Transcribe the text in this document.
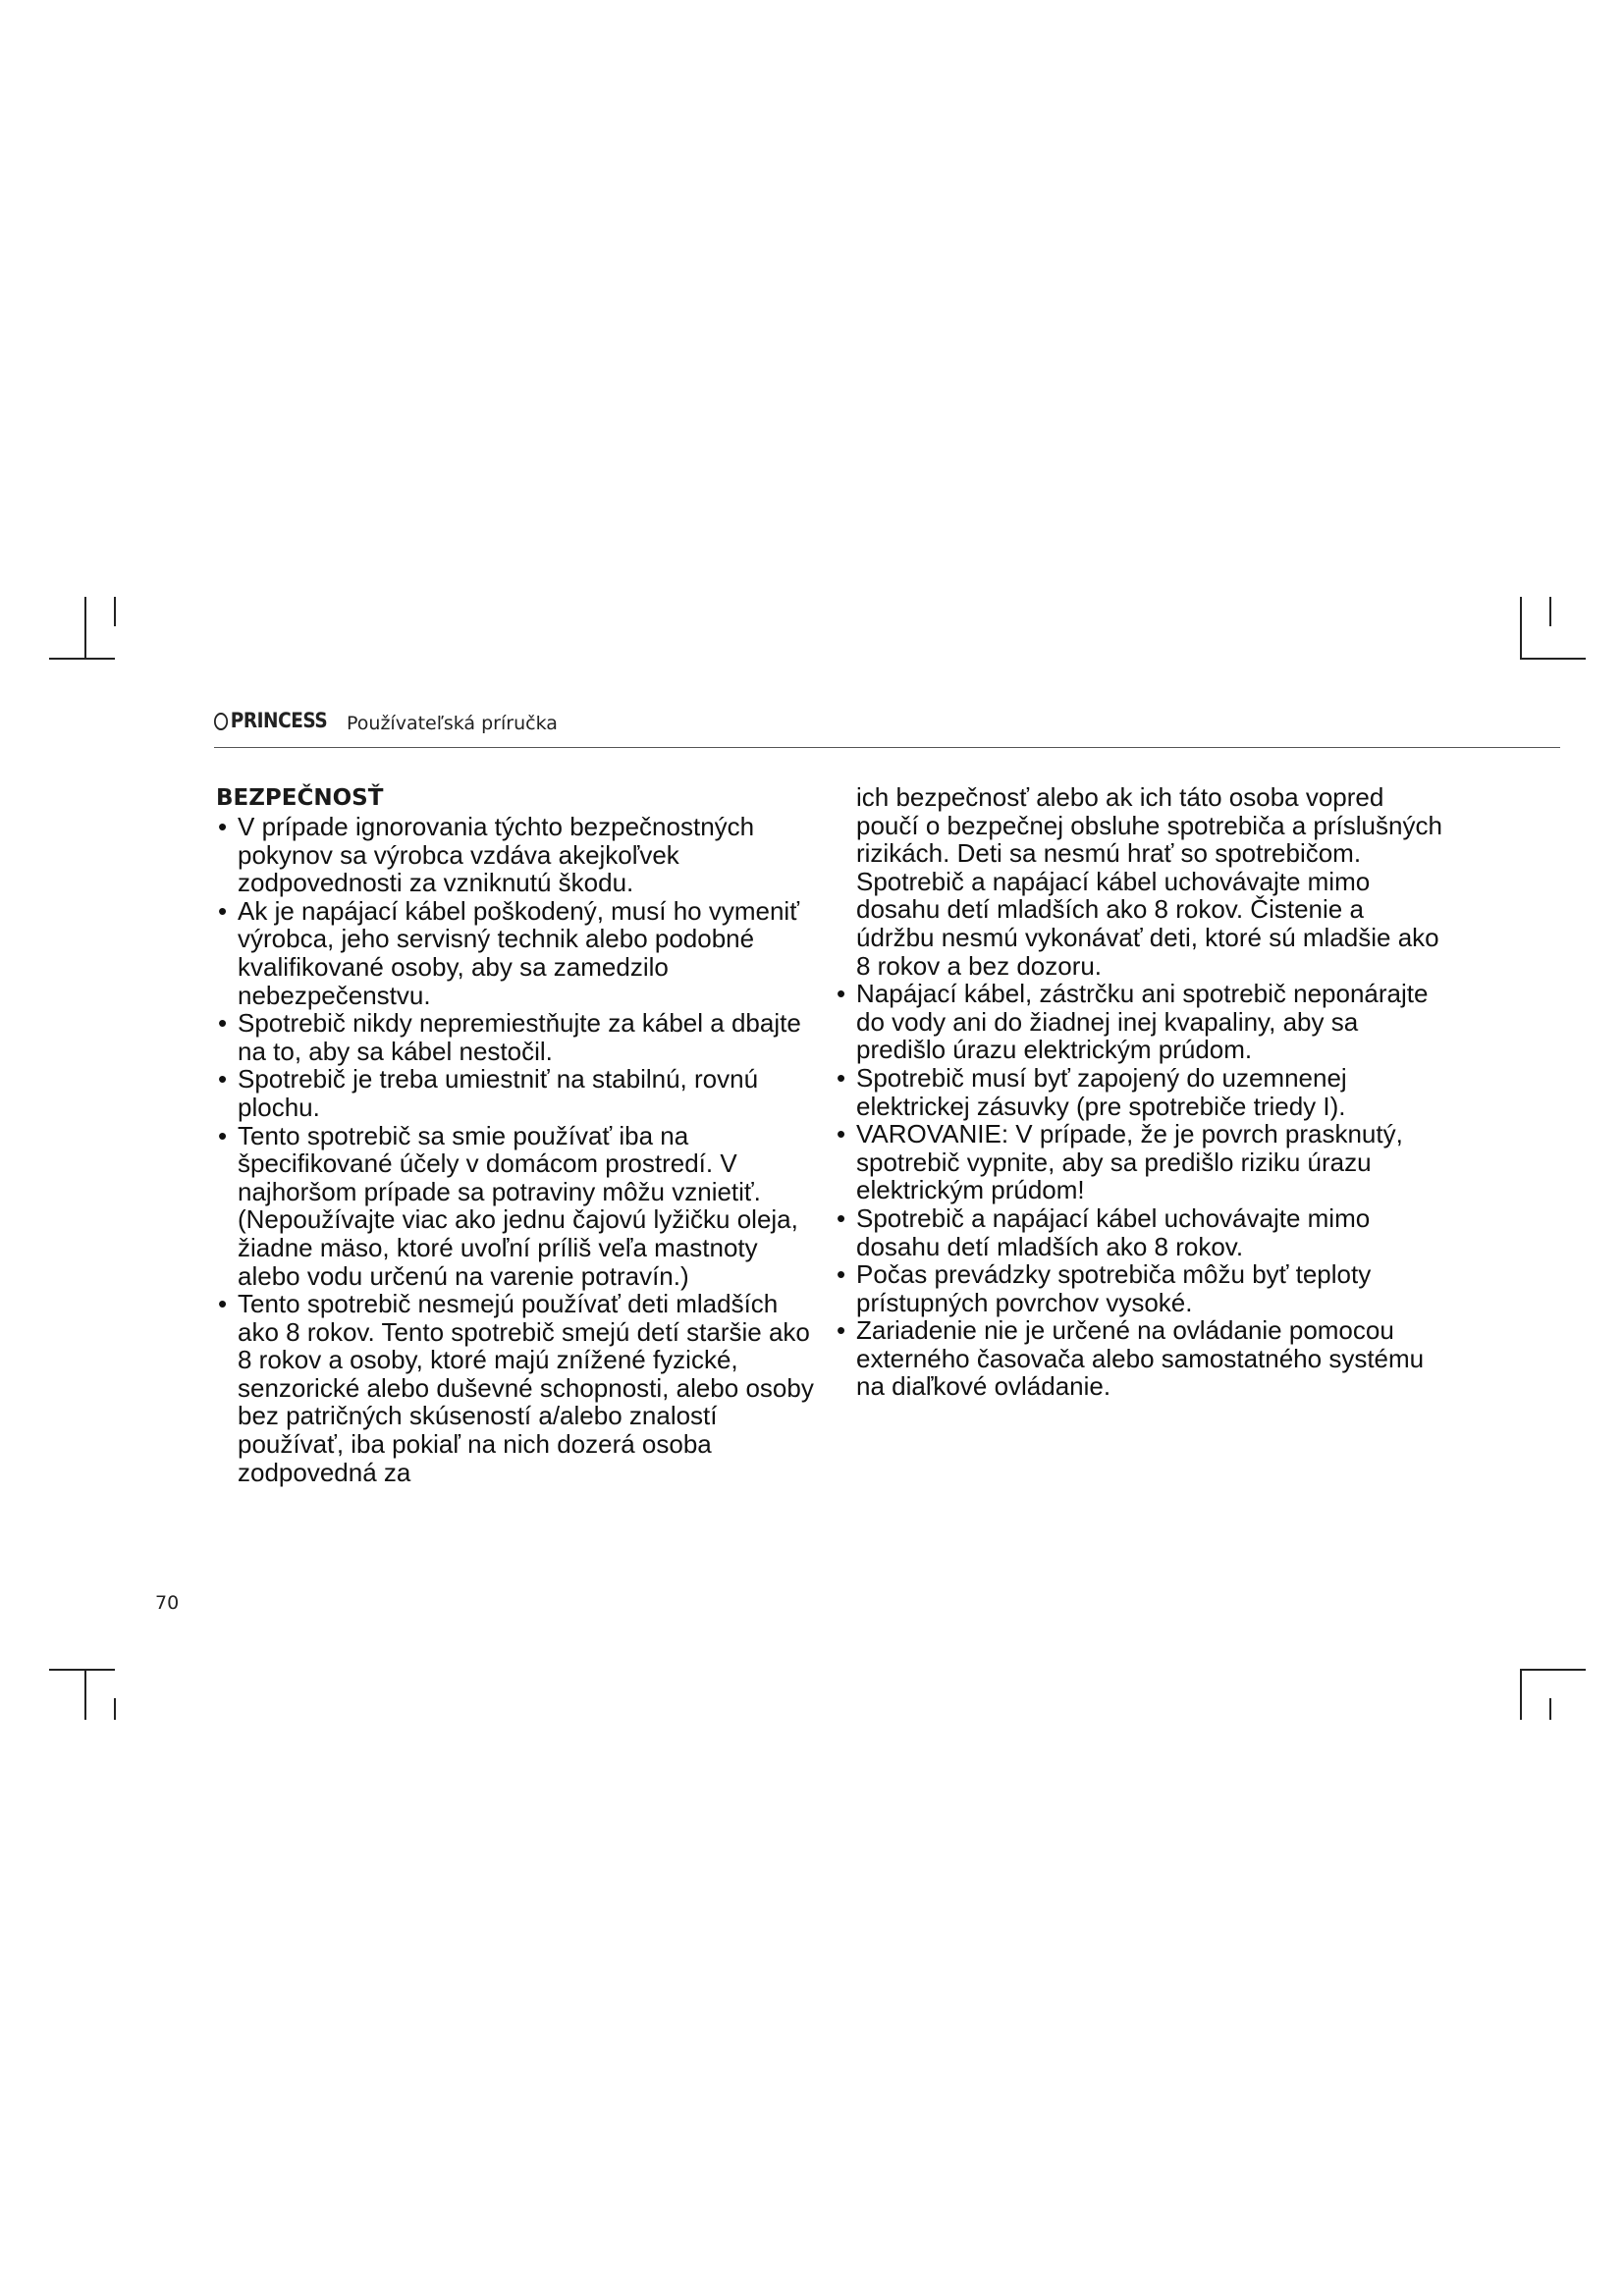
PRINCESS Používateľská príručka
BEZPEČNOSŤ
• V prípade ignorovania týchto bezpečnostných pokynov sa výrobca vzdáva akejkoľvek zodpovednosti za vzniknutú škodu.
• Ak je napájací kábel poškodený, musí ho vymeniť výrobca, jeho servisný technik alebo podobné kvalifikované osoby, aby sa zamedzilo nebezpečenstvu.
• Spotrebič nikdy nepremiestňujte za kábel a dbajte na to, aby sa kábel nestočil.
• Spotrebič je treba umiestniť na stabilnú, rovnú plochu.
• Tento spotrebič sa smie používať iba na špecifikované účely v domácom prostredí. V najhoršom prípade sa potraviny môžu vznietiť. (Nepoužívajte viac ako jednu čajovú lyžičku oleja, žiadne mäso, ktoré uvoľní príliš veľa mastnoty alebo vodu určenú na varenie potravín.)
• Tento spotrebič nesmejú používať deti mladších ako 8 rokov. Tento spotrebič smejú detí staršie ako 8 rokov a osoby, ktoré majú znížené fyzické, senzorické alebo duševné schopnosti, alebo osoby bez patričných skúseností a/alebo znalostí používať, iba pokiaľ na nich dozerá osoba zodpovedná za
ich bezpečnosť alebo ak ich táto osoba vopred poučí o bezpečnej obsluhe spotrebiča a príslušných rizikách. Deti sa nesmú hrať so spotrebičom. Spotrebič a napájací kábel uchovávajte mimo dosahu detí mladších ako 8 rokov. Čistenie a údržbu nesmú vykonávať deti, ktoré sú mladšie ako 8 rokov a bez dozoru.
• Napájací kábel, zástrčku ani spotrebič neponárajte do vody ani do žiadnej inej kvapaliny, aby sa predišlo úrazu elektrickým prúdom.
• Spotrebič musí byť zapojený do uzemnenej elektrickej zásuvky (pre spotrebiče triedy I).
• VAROVANIE: V prípade, že je povrch prasknutý, spotrebič vypnite, aby sa predišlo riziku úrazu elektrickým prúdom!
• Spotrebič a napájací kábel uchovávajte mimo dosahu detí mladších ako 8 rokov.
• Počas prevádzky spotrebiča môžu byť teploty prístupných povrchov vysoké.
• Zariadenie nie je určené na ovládanie pomocou externého časovača alebo samostatného systému na diaľkové ovládanie.
70
